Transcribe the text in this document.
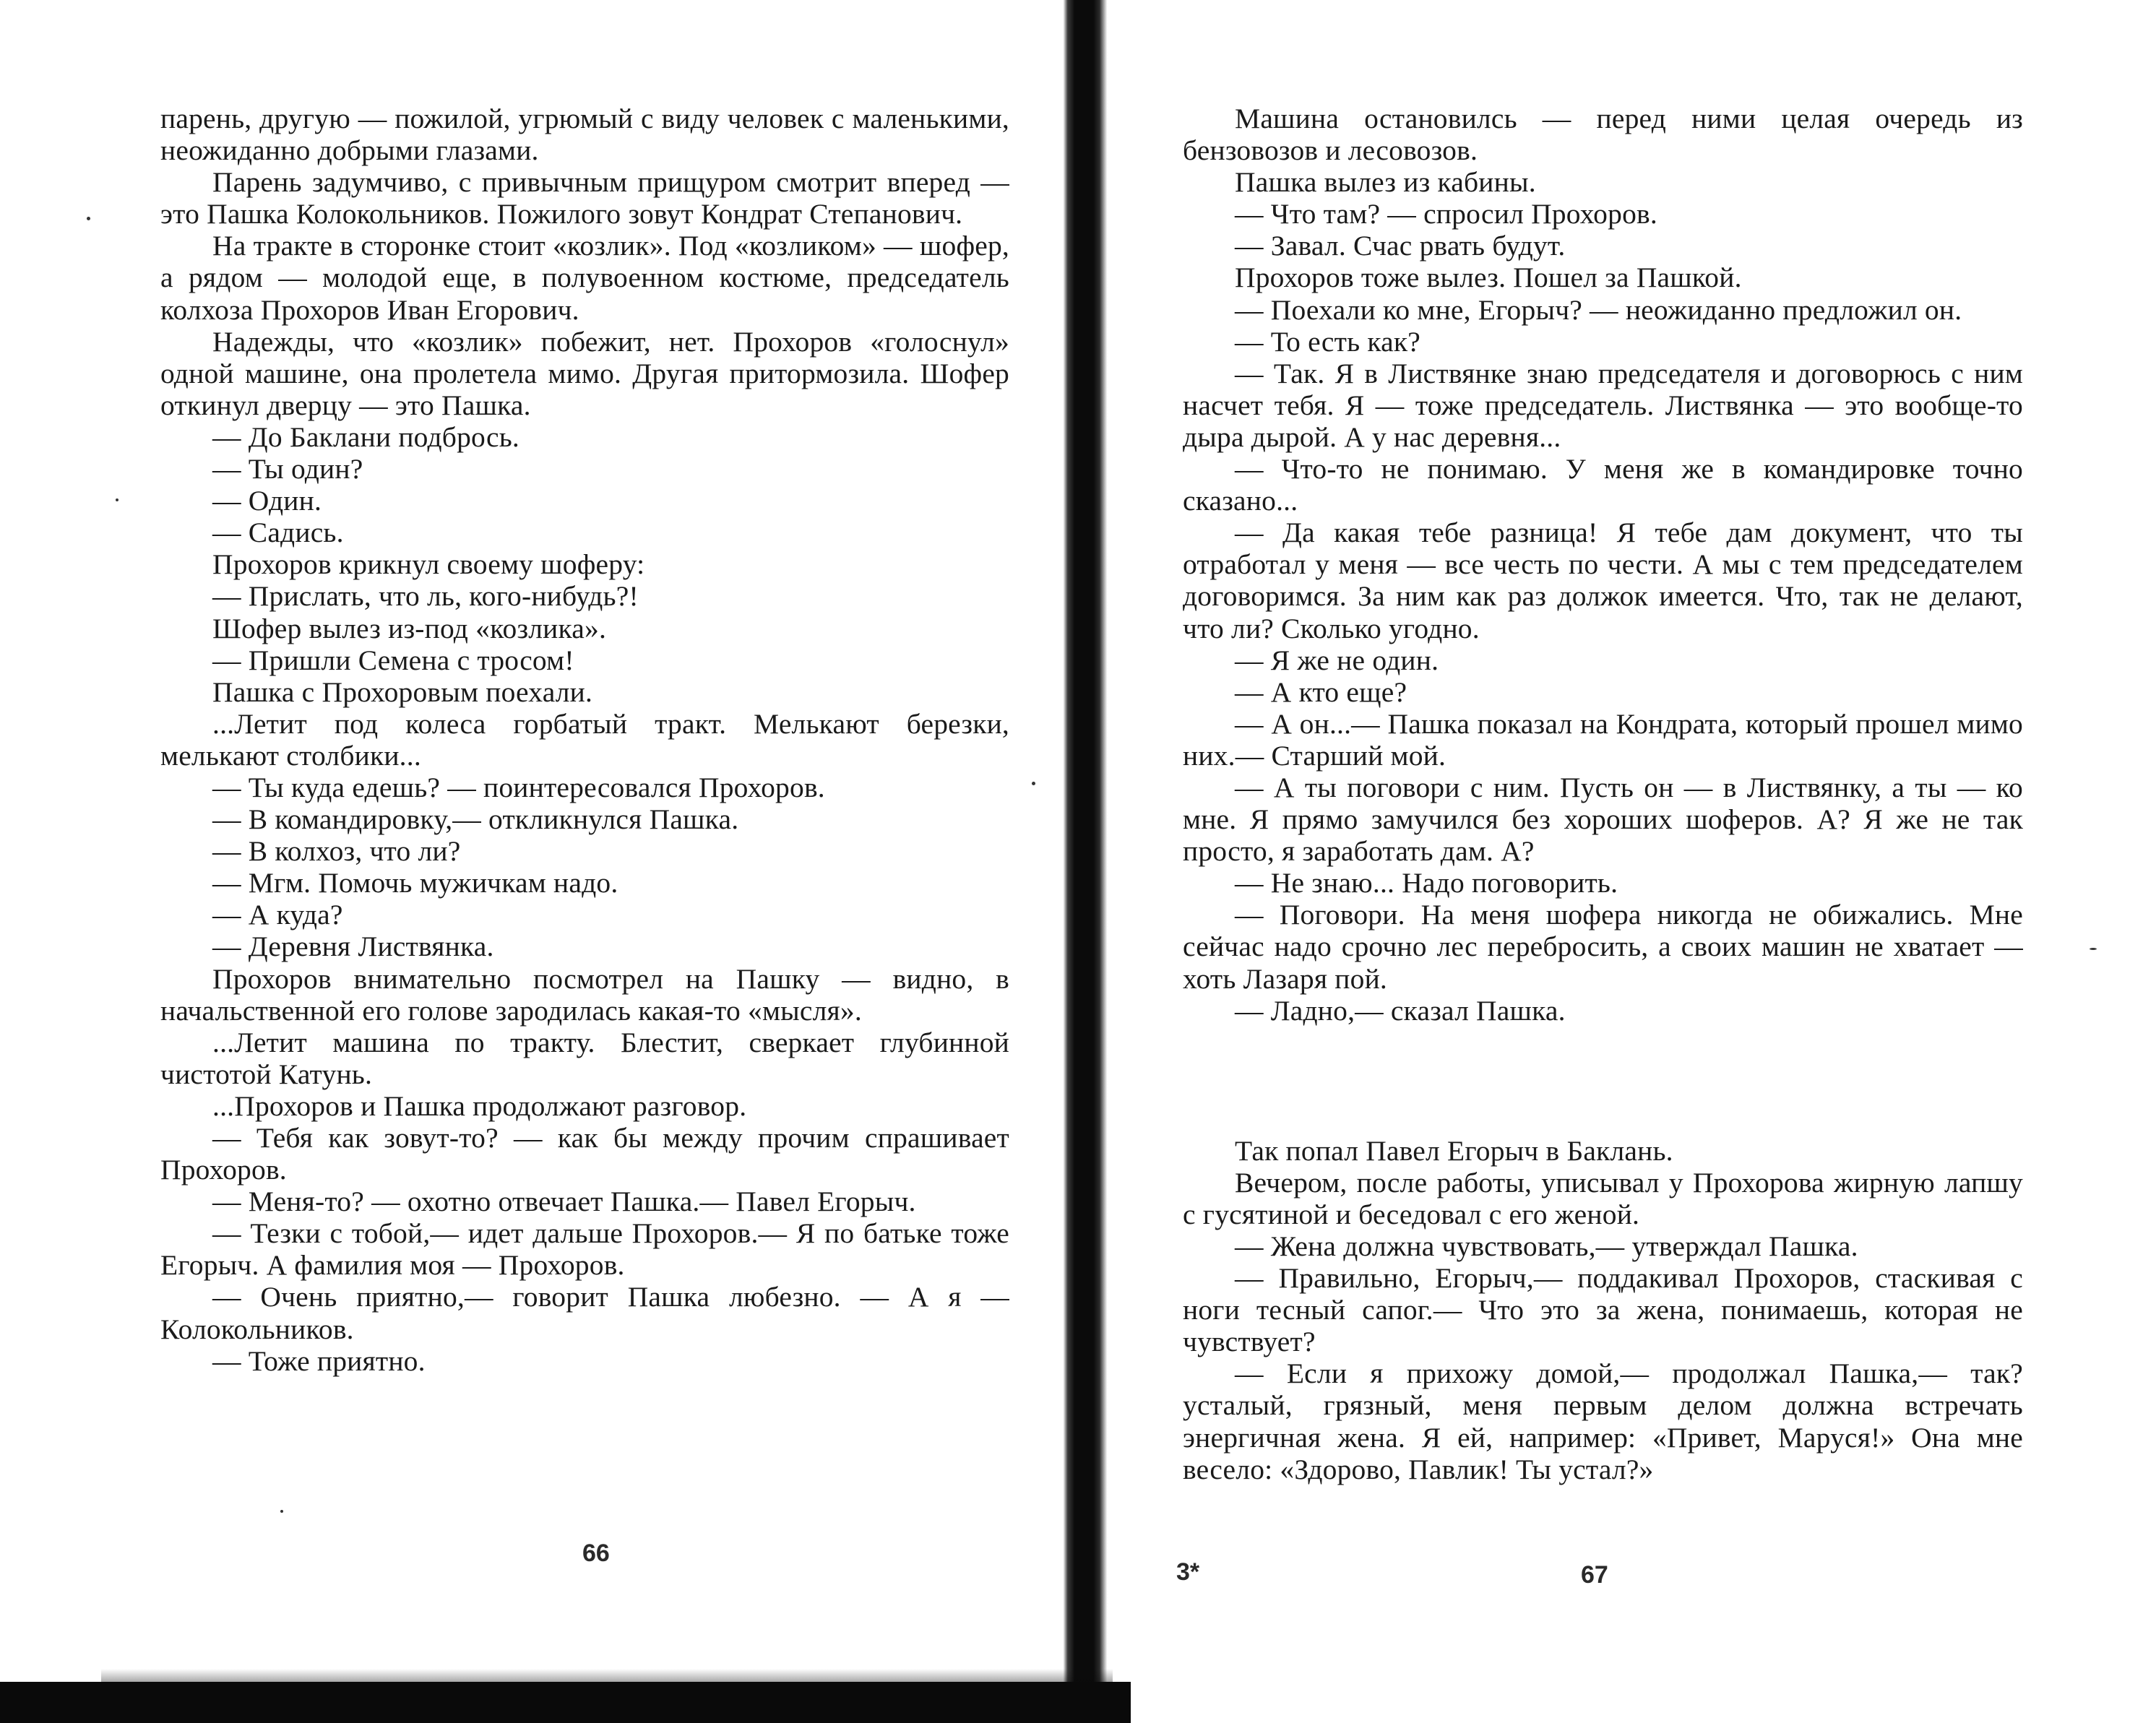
парень, другую — пожилой, угрюмый с виду человек с маленькими, неожиданно добрыми глазами.

Парень задумчиво, с привычным прищуром смотрит вперед — это Пашка Колокольников. Пожилого зовут Кондрат Степанович.

На тракте в сторонке стоит «козлик». Под «козликом» — шофер, а рядом — молодой еще, в полувоенном костюме, председатель колхоза Прохоров Иван Егорович.

Надежды, что «козлик» побежит, нет. Прохоров «голоснул» одной машине, она пролетела мимо. Другая притормозила. Шофер откинул дверцу — это Пашка.

— До Баклани подбрось.

— Ты один?

— Один.

— Садись.

Прохоров крикнул своему шоферу:

— Прислать, что ль, кого-нибудь?!

Шофер вылез из-под «козлика».

— Пришли Семена с тросом!

Пашка с Прохоровым поехали.

...Летит под колеса горбатый тракт. Мелькают березки, мелькают столбики...

— Ты куда едешь? — поинтересовался Прохоров.

— В командировку,— откликнулся Пашка.

— В колхоз, что ли?

— Мгм. Помочь мужичкам надо.

— А куда?

— Деревня Листвянка.

Прохоров внимательно посмотрел на Пашку — видно, в начальственной его голове зародилась какая-то «мысля».

...Летит машина по тракту. Блестит, сверкает глубинной чистотой Катунь.

...Прохоров и Пашка продолжают разговор.

— Тебя как зовут-то? — как бы между прочим спрашивает Прохоров.

— Меня-то? — охотно отвечает Пашка.— Павел Егорыч.

— Тезки с тобой,— идет дальше Прохоров.— Я по батьке тоже Егорыч. А фамилия моя — Прохоров.

— Очень приятно,— говорит Пашка любезно. — А я — Колокольников.

— Тоже приятно.

66

Машина остановилсь — перед ними целая очередь из бензовозов и лесовозов.

Пашка вылез из кабины.

— Что там? — спросил Прохоров.

— Завал. Счас рвать будут.

Прохоров тоже вылез. Пошел за Пашкой.

— Поехали ко мне, Егорыч? — неожиданно предложил он.

— То есть как?

— Так. Я в Листвянке знаю председателя и договорюсь с ним насчет тебя. Я — тоже председатель. Листвянка — это вообще-то дыра дырой. А у нас деревня...

— Что-то не понимаю. У меня же в командировке точно сказано...

— Да какая тебе разница! Я тебе дам документ, что ты отработал у меня — все честь по чести. А мы с тем председателем договоримся. За ним как раз должок имеется. Что, так не делают, что ли? Сколько угодно.

— Я же не один.

— А кто еще?

— А он...— Пашка показал на Кондрата, который прошел мимо них.— Старший мой.

— А ты поговори с ним. Пусть он — в Листвянку, а ты — ко мне. Я прямо замучился без хороших шоферов. А? Я же не так просто, я заработать дам. А?

— Не знаю... Надо поговорить.

— Поговори. На меня шофера никогда не обижались. Мне сейчас надо срочно лес перебросить, а своих машин не хватает — хоть Лазаря пой.

— Ладно,— сказал Пашка.

Так попал Павел Егорыч в Баклань.

Вечером, после работы, уписывал у Прохорова жирную лапшу с гусятиной и беседовал с его женой.

— Жена должна чувствовать,— утверждал Пашка.

— Правильно, Егорыч,— поддакивал Прохоров, стаскивая с ноги тесный сапог.— Что это за жена, понимаешь, которая не чувствует?

— Если я прихожу домой,— продолжал Пашка,— так? усталый, грязный, меня первым делом должна встречать энергичная жена. Я ей, например: «Привет, Маруся!» Она мне весело: «Здорово, Павлик! Ты устал?»

3*	67
